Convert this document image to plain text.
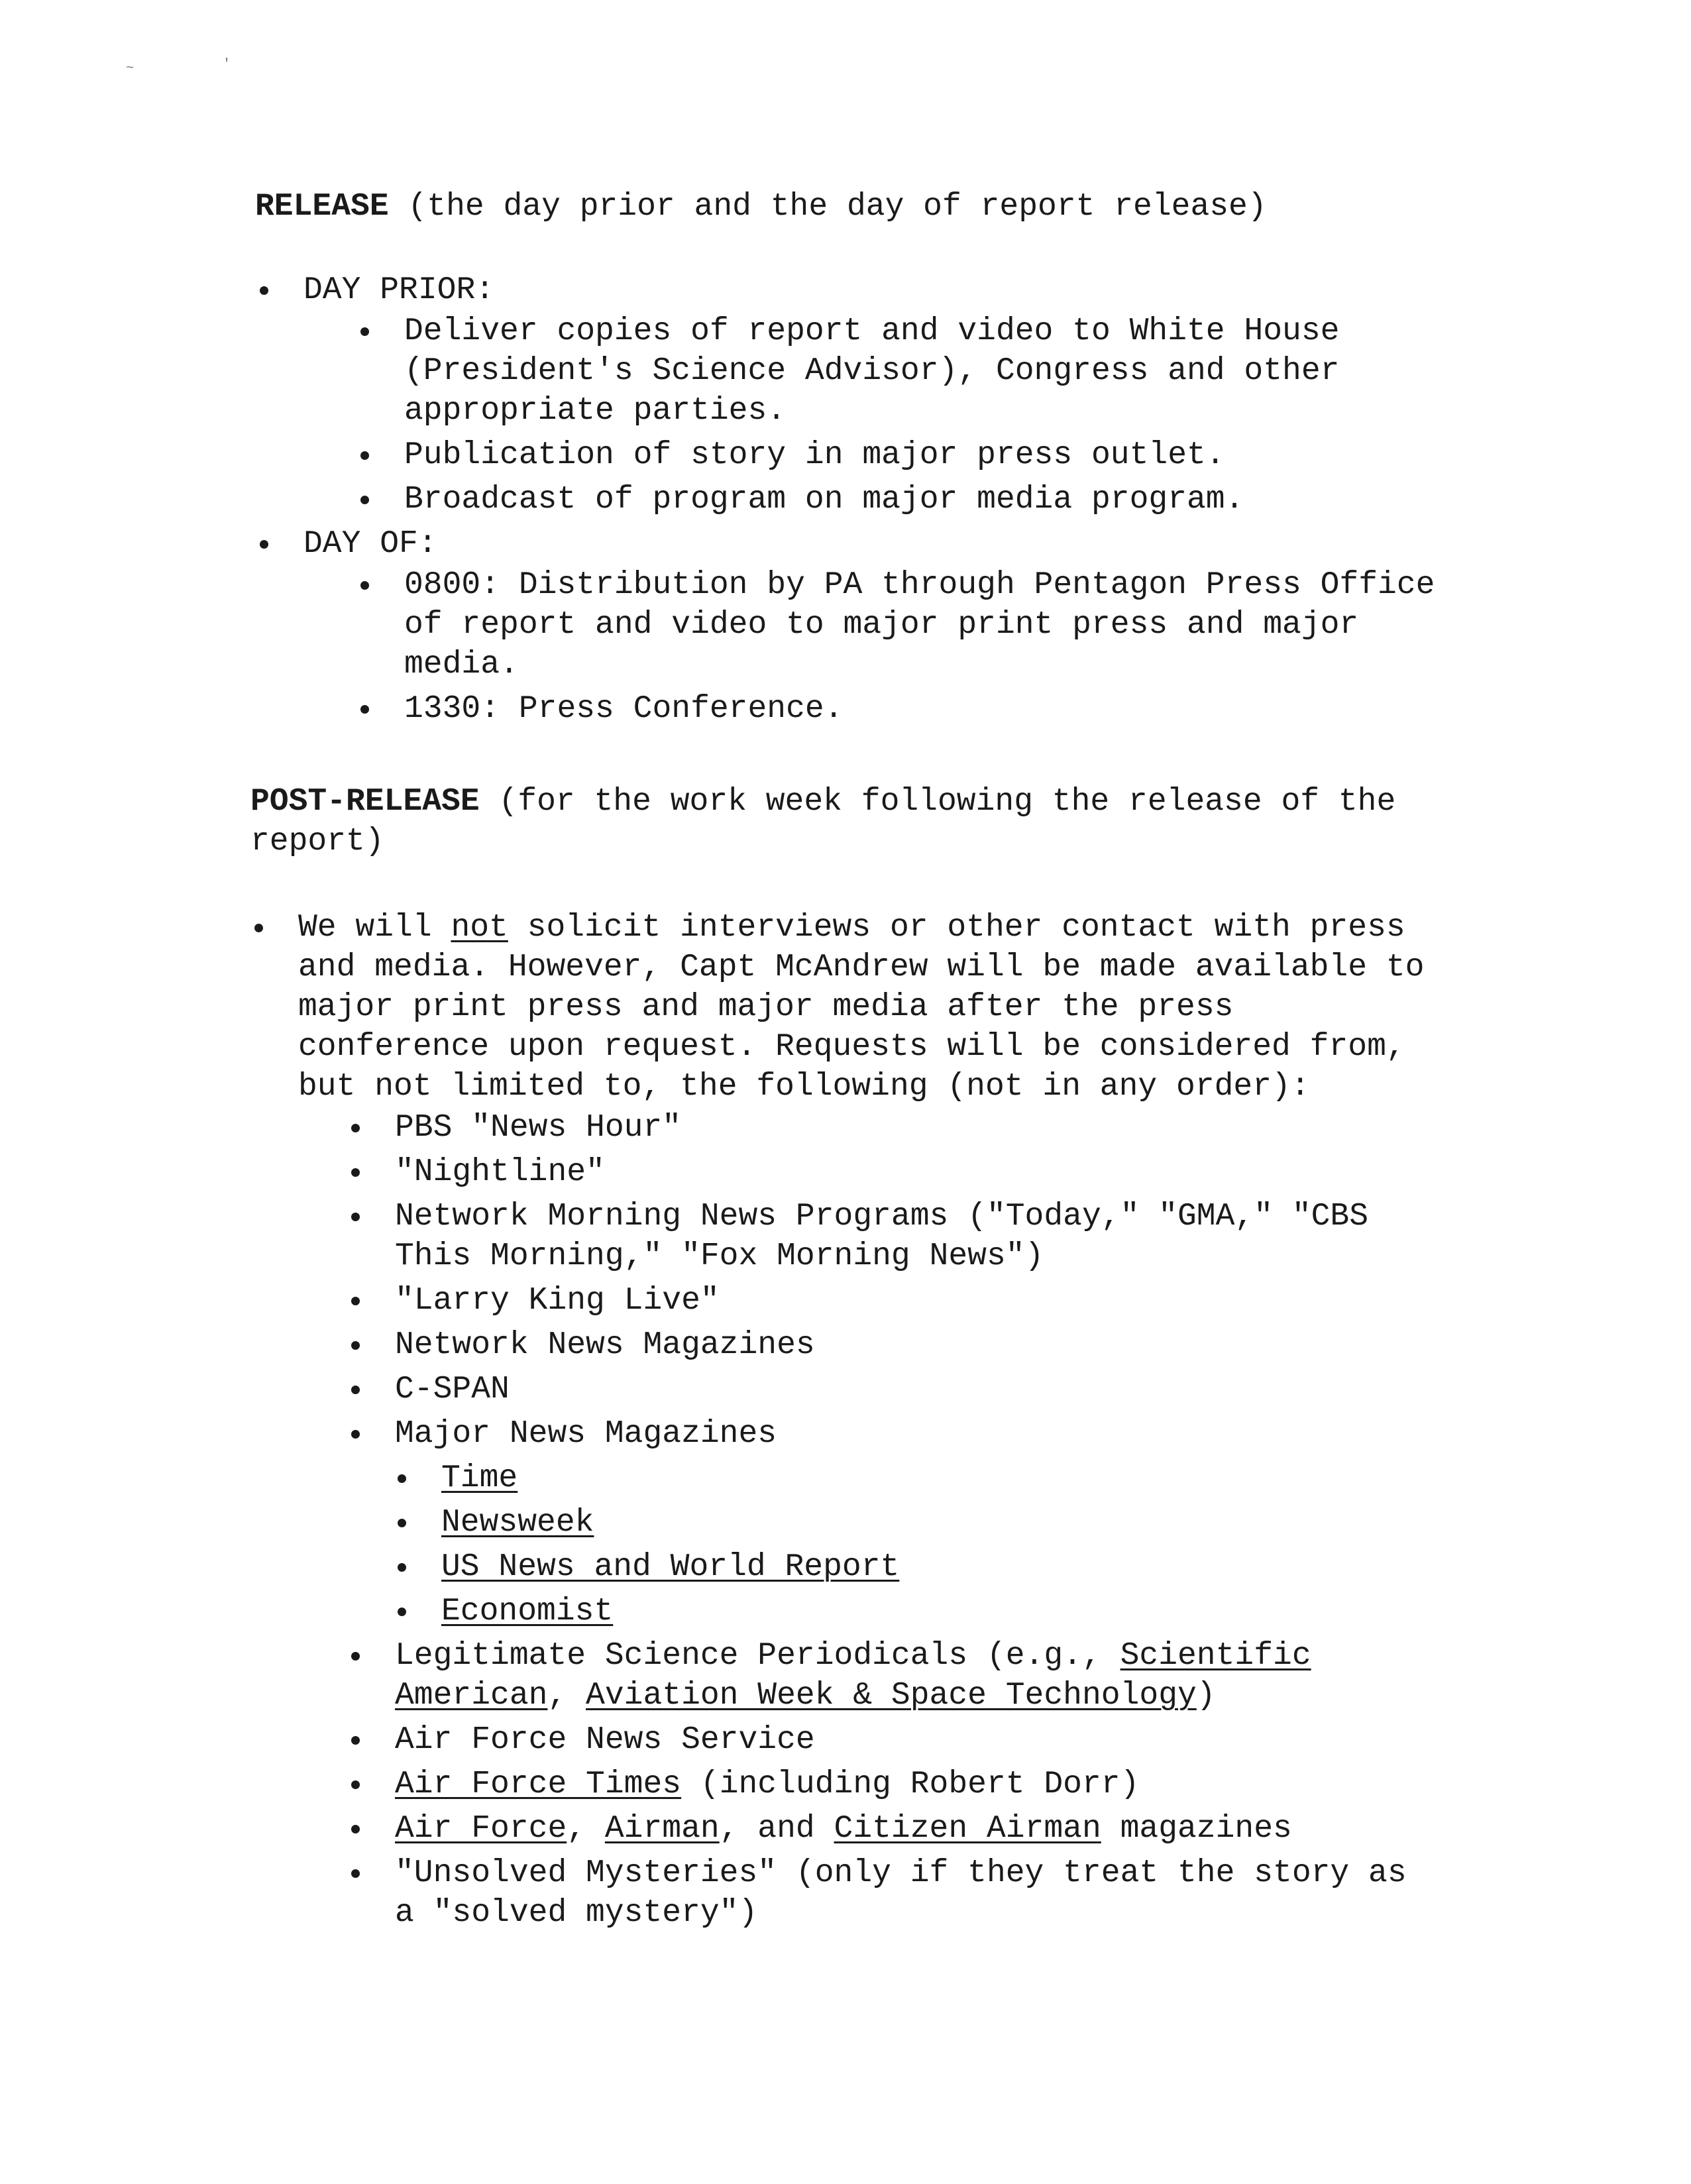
~	'
RELEASE (the day prior and the day of report release)
DAY PRIOR:
Deliver copies of report and video to White House (President's Science Advisor), Congress and other appropriate parties.
Publication of story in major press outlet.
Broadcast of program on major media program.
DAY OF:
0800: Distribution by PA through Pentagon Press Office of report and video to major print press and major media.
1330: Press Conference.
POST-RELEASE (for the work week following the release of the report)
We will not solicit interviews or other contact with press and media. However, Capt McAndrew will be made available to major print press and major media after the press conference upon request. Requests will be considered from, but not limited to, the following (not in any order):
PBS "News Hour"
"Nightline"
Network Morning News Programs ("Today," "GMA," "CBS This Morning," "Fox Morning News")
"Larry King Live"
Network News Magazines
C-SPAN
Major News Magazines
Time
Newsweek
US News and World Report
Economist
Legitimate Science Periodicals (e.g., Scientific American, Aviation Week & Space Technology)
Air Force News Service
Air Force Times (including Robert Dorr)
Air Force, Airman, and Citizen Airman magazines
"Unsolved Mysteries" (only if they treat the story as a "solved mystery")
